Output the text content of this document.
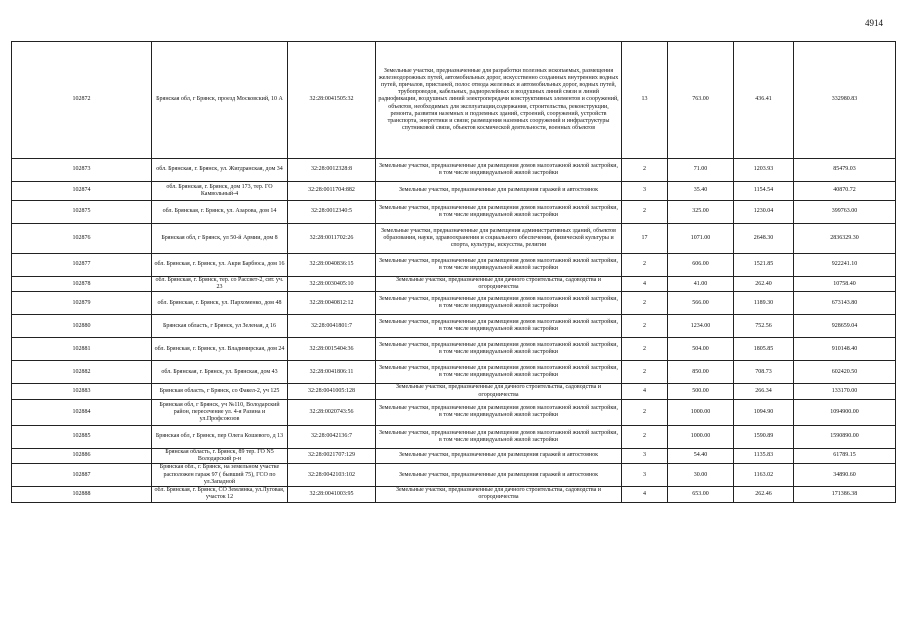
4914
102872	Брянская обл, г Брянск, проезд Московский, 10 А	32:28:0041505:32	Земельные участки, предназначенные для разработки полезных ископаемых, размещения железнодорожных путей, автомобильных дорог, искусственно созданных внутренних водных путей, причалов, пристаней, полос отвода железных и автомобильных дорог, водных путей, трубопроводов, кабельных, радиорелейных и воздушных линий связи и линий радиофикации, воздушных линий электропередачи конструктивных элементов и сооружений, объектов, необходимых для эксплуатации,содержания, строительства, реконструкции, ремонта, развития наземных и подземных зданий, строений, сооружений, устройств транспорта, энергетики и связи; размещения наземных сооружений и инфраструктуры спутниковой связи, объектов космической деятельности, военных объектов	13	763.00	436.41	332980.83
102873	обл. Брянская, г. Брянск, ул. Жигдранская, дом 34	32:28:0012328:8	Земельные участки, предназначенные для размещения домов малоэтажной жилой застройки, в том числе индивидуальной жилой застройки	2	71.00	1203.93	85479.03
102874	обл. Брянская, г. Брянск, дом 173, тер. ГО Камвольный-4	32:28:0011704:882	Земельные участки, предназначенные для размещения гаражей и автостоянок	3	35.40	1154.54	40870.72
102875	обл. Брянская, г. Брянск, ул. Азарова, дом 14	32:28:0012340:5	Земельные участки, предназначенные для размещения домов малоэтажной жилой застройки, в том числе индивидуальной жилой застройки	2	325.00	1230.04	399763.00
102876	Брянская обл, г Брянск, ул 50-й Армии, дом 8	32:28:0011702:26	Земельные участки, предназначенные для размещения административных зданий, объектов образования, науки, здравоохранения и социального обеспечения, физической культуры и спорта, культуры, искусства, религии	17	1071.00	2648.30	2836329.30
102877	обл. Брянская, г. Брянск, ул. Акри Барбюса, дом 16	32:28:0040836:15	Земельные участки, предназначенные для размещения домов малоэтажной жилой застройки, в том числе индивидуальной жилой застройки	2	606.00	1521.85	922241.10
102878	обл. Брянская, г. Брянск, тер. со Рассвет-2, свт. уч. 23	32:28:0030405:10	Земельные участки, предназначенные для дачного строительства, садоводства и огородничества	4	41.00	262.40	10758.40
102879	обл. Брянская, г. Брянск, ул. Пархоменко, дом 48	32:28:0040812:12	Земельные участки, предназначенные для размещения домов малоэтажной жилой застройки, в том числе индивидуальной жилой застройки	2	566.00	1189.30	673143.80
102880	Брянская область, г Брянск, ул Зеленая, д 16	32:28:0041801:7	Земельные участки, предназначенные для размещения домов малоэтажной жилой застройки, в том числе индивидуальной жилой застройки	2	1234.00	752.56	928659.04
102881	обл. Брянская, г. Брянск, ул. Владимирская, дом 24	32:28:0015404:36	Земельные участки, предназначенные для размещения домов малоэтажной жилой застройки, в том числе индивидуальной жилой застройки	2	504.00	1805.85	910148.40
102882	обл. Брянская, г. Брянск, ул. Брянская, дом 43	32:28:0041806:11	Земельные участки, предназначенные для размещения домов малоэтажной жилой застройки, в том числе индивидуальной жилой застройки	2	850.00	708.73	602420.50
102883	Брянская область, г Брянск, со Факел-2, уч 125	32:28:0041005:128	Земельные участки, предназначенные для дачного строительства, садоводства и огородничества	4	500.00	266.34	133170.00
102884	Брянская обл, г Брянск, уч №110, Володарский район, пересечение ул. 4-я Разина и ул.Профсоюзов	32:28:0020743:56	Земельные участки, предназначенные для размещения домов малоэтажной жилой застройки, в том числе индивидуальной жилой застройки	2	1000.00	1094.90	1094900.00
102885	Брянская обл, г Брянск, пер Олега Кошевого, д 13	32:28:0042136:7	Земельные участки, предназначенные для размещения домов малоэтажной жилой застройки, в том числе индивидуальной жилой застройки	2	1000.00	1590.89	1590890.00
102886	Брянская область, г. Брянск, 89 тер. ГО N5 Володарский р-н	32:28:0021707:129	Земельные участки, предназначенные для размещения гаражей и автостоянок	3	54.40	1135.83	61789.15
102887	Брянская обл., г. Брянск, на земельном участке расположен гараж 97 ( бывший 75), ГСО по ул.Западной	32:28:0042103:102	Земельные участки, предназначенные для размещения гаражей и автостоянок	3	30.00	1163.02	34890.60
102888	обл. Брянская, г. Брянск, СО Землянка, ул.Луговая, участок 12	32:28:0041003:95	Земельные участки, предназначенные для дачного строительства, садоводства и огородничества	4	653.00	262.46	171386.38
